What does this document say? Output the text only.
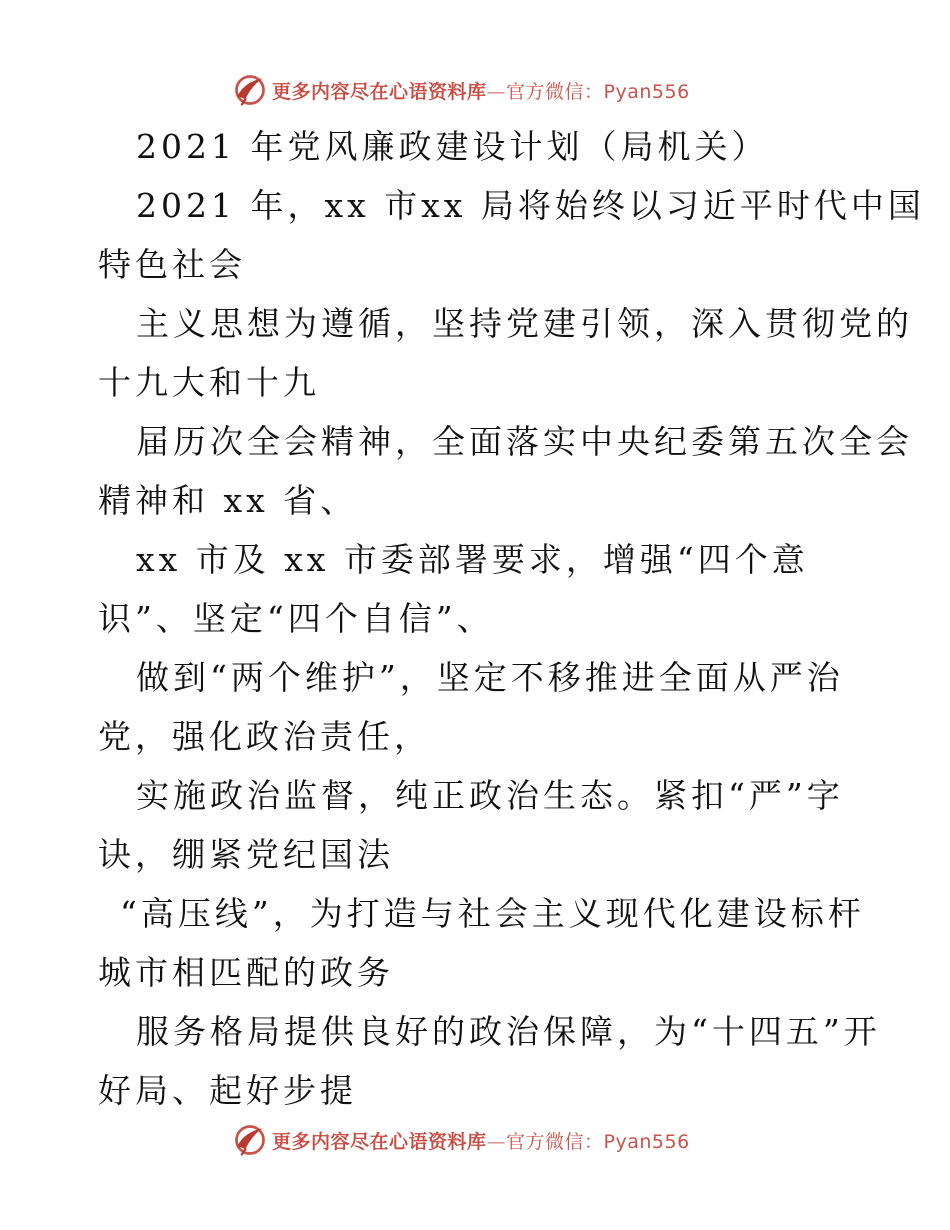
更多内容尽在心语资料库—官方微信：Pyan556
2021 年党风廉政建设计划（局机关）
2021 年，xx 市xx 局将始终以习近平时代中国
特色社会
主义思想为遵循，坚持党建引领，深入贯彻党的
十九大和十九
届历次全会精神，全面落实中央纪委第五次全会
精神和 xx 省、
xx 市及 xx 市委部署要求，增强“四个意
识”、坚定“四个自信”、
做到“两个维护”，坚定不移推进全面从严治
党，强化政治责任，
实施政治监督，纯正政治生态。紧扣“严”字
诀，绷紧党纪国法
“高压线”，为打造与社会主义现代化建设标杆
城市相匹配的政务
服务格局提供良好的政治保障，为“十四五”开
好局、起好步提
更多内容尽在心语资料库—官方微信：Pyan556
